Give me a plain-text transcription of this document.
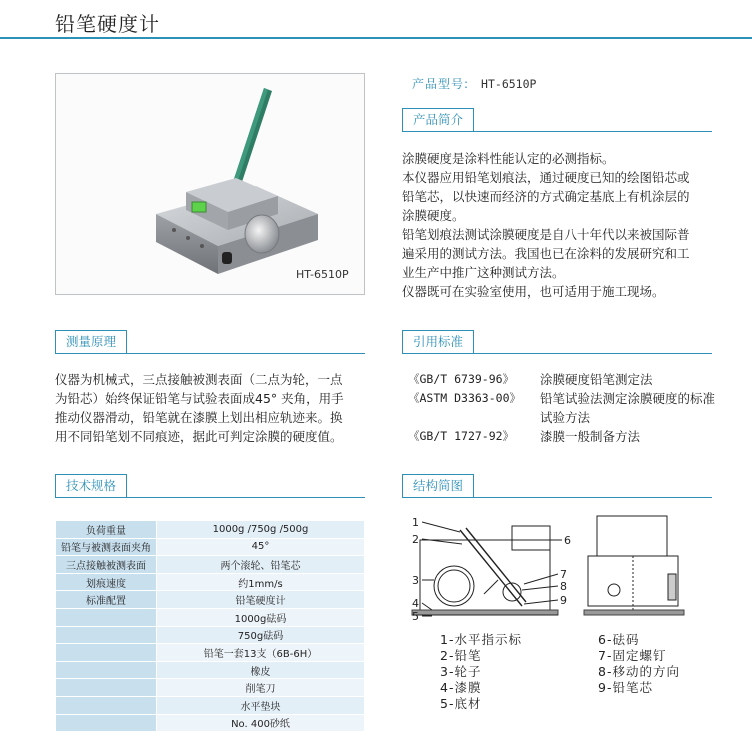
铅笔硬度计
HT-6510P
产品型号: HT-6510P
产品简介
涂膜硬度是涂料性能认定的必测指标。
本仪器应用铅笔划痕法，通过硬度已知的绘图铅芯或
铅笔芯，以快速而经济的方式确定基底上有机涂层的
涂膜硬度。
铅笔划痕法测试涂膜硬度是自八十年代以来被国际普
遍采用的测试方法。我国也已在涂料的发展研究和工
业生产中推广这种测试方法。
仪器既可在实验室使用，也可适用于施工现场。
测量原理
仪器为机械式，三点接触被测表面（二点为轮，一点
为铅芯）始终保证铅笔与试验表面成45° 夹角，用手
推动仪器滑动，铅笔就在漆膜上划出相应轨迹来。换
用不同铅笔划不同痕迹，据此可判定涂膜的硬度值。
引用标准
《GB/T 6739-96》 涂膜硬度铅笔测定法
《ASTM D3363-00》 铅笔试验法测定涂膜硬度的标准试验方法
《GB/T 1727-92》 漆膜一般制备方法
技术规格
负荷重量	1000g /750g /500g
铅笔与被测表面夹角	45°
三点接触被测表面	两个滚轮、铅笔芯
划痕速度	约1mm/s
标准配置	铅笔硬度计
	1000g砝码
	750g砝码
	铅笔一套13支（6B-6H）
	橡皮
	削笔刀
	水平垫块
	No. 400砂纸
结构简图
1
2
3
4
5
6
7
8
9
1-水平指示标
2-铅笔
3-轮子
4-漆膜
5-底材
6-砝码
7-固定螺钉
8-移动的方向
9-铅笔芯
